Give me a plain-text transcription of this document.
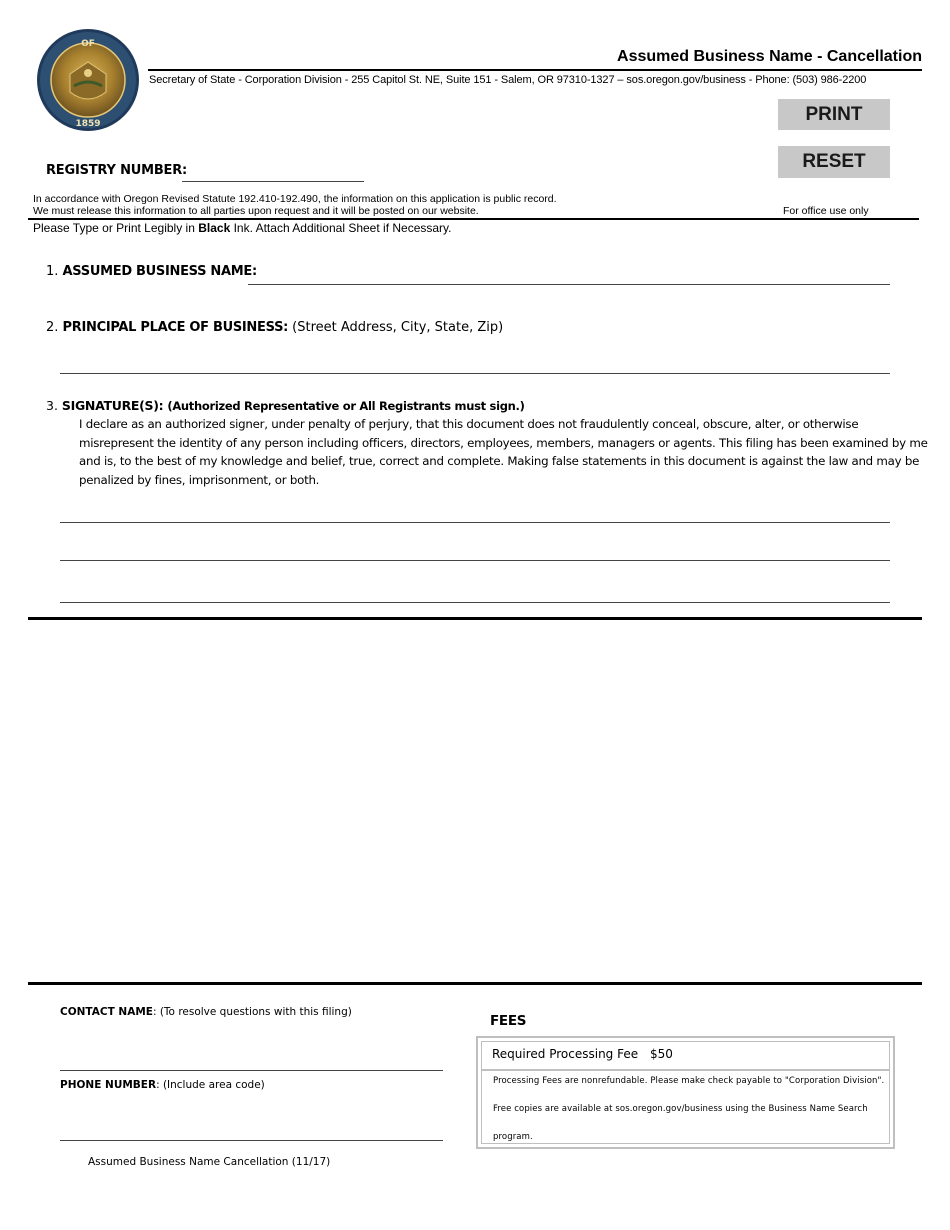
OF
1859
Assumed Business Name - Cancellation
Secretary of State - Corporation Division - 255 Capitol St. NE, Suite 151 - Salem, OR 97310-1327 – sos.oregon.gov/business - Phone: (503) 986-2200
PRINT
RESET
REGISTRY NUMBER:
In accordance with Oregon Revised Statute 192.410-192.490, the information on this application is public record.
We must release this information to all parties upon request and it will be posted on our website.	For office use only
Please Type or Print Legibly in Black Ink. Attach Additional Sheet if Necessary.
1. ASSUMED BUSINESS NAME:
2. PRINCIPAL PLACE OF BUSINESS: (Street Address, City, State, Zip)
3. SIGNATURE(S): (Authorized Representative or All Registrants must sign.)
I declare as an authorized signer, under penalty of perjury, that this document does not fraudulently conceal, obscure, alter, or otherwise misrepresent the identity of any person including officers, directors, employees, members, managers or agents. This filing has been examined by me and is, to the best of my knowledge and belief, true, correct and complete. Making false statements in this document is against the law and may be penalized by fines, imprisonment, or both.
CONTACT NAME: (To resolve questions with this filing)
PHONE NUMBER: (Include area code)
Assumed Business Name Cancellation (11/17)
FEES
Required Processing Fee $50
Processing Fees are nonrefundable. Please make check payable to "Corporation Division".
Free copies are available at sos.oregon.gov/business using the Business Name Search
program.
